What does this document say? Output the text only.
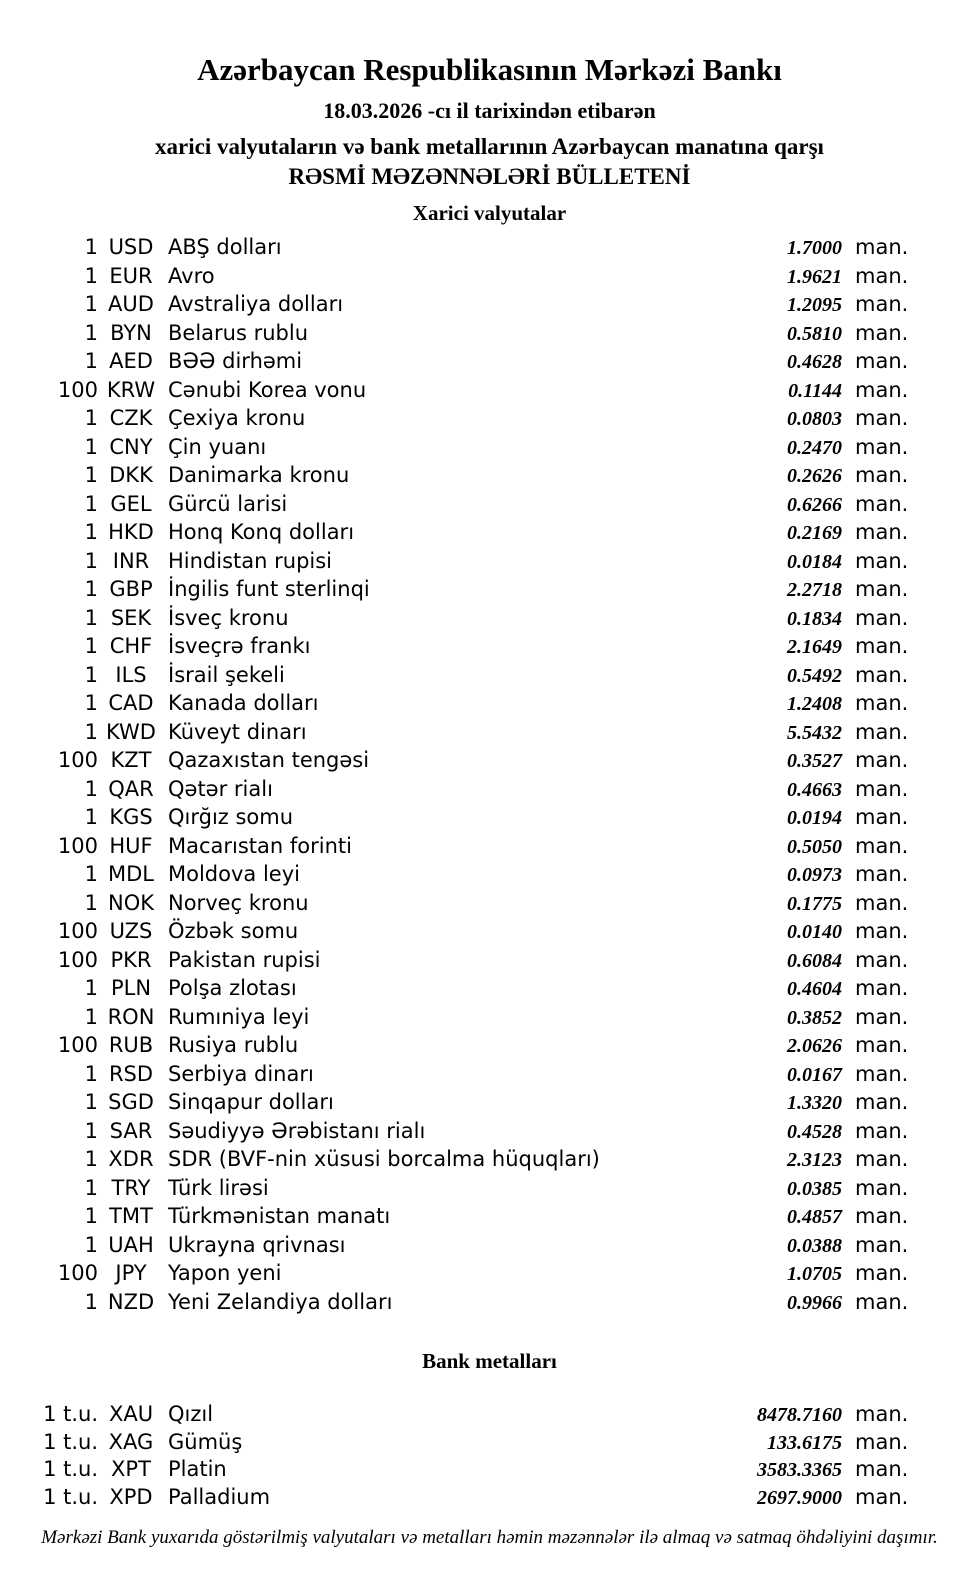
Azərbaycan Respublikasının Mərkəzi Bankı
18.03.2026 -cı il tarixindən etibarən
xarici valyutaların və bank metallarının Azərbaycan manatına qarşı
RƏSMİ MƏZƏNNƏLƏRİ BÜLLETENİ
Xarici valyutalar
1 USD ABŞ dolları	1.7000 man.
1 EUR Avro	1.9621 man.
1 AUD Avstraliya dolları	1.2095 man.
1 BYN Belarus rublu	0.5810 man.
1 AED BƏƏ dirhəmi	0.4628 man.
100 KRW Cənubi Korea vonu	0.1144 man.
1 CZK Çexiya kronu	0.0803 man.
1 CNY Çin yuanı	0.2470 man.
1 DKK Danimarka kronu	0.2626 man.
1 GEL Gürcü larisi	0.6266 man.
1 HKD Honq Konq dolları	0.2169 man.
1 INR Hindistan rupisi	0.0184 man.
1 GBP İngilis funt sterlinqi	2.2718 man.
1 SEK İsveç kronu	0.1834 man.
1 CHF İsveçrə frankı	2.1649 man.
1 ILS	İsrail şekeli	0.5492 man.
1 CAD Kanada dolları	1.2408 man.
1 KWD Küveyt dinarı	5.5432 man.
100 KZT Qazaxıstan tengəsi	0.3527 man.
1 QAR Qətər rialı	0.4663 man.
1 KGS Qırğız somu	0.0194 man.
100 HUF Macarıstan forinti	0.5050 man.
1 MDL Moldova leyi	0.0973 man.
1 NOK Norveç kronu	0.1775 man.
100 UZS Özbək somu	0.0140 man.
100 PKR Pakistan rupisi	0.6084 man.
1 PLN Polşa zlotası	0.4604 man.
1 RON Rumıniya leyi	0.3852 man.
100 RUB Rusiya rublu	2.0626 man.
1 RSD Serbiya dinarı	0.0167 man.
1 SGD Sinqapur dolları	1.3320 man.
1 SAR Səudiyyə Ərəbistanı rialı	0.4528 man.
1 XDR SDR (BVF-nin xüsusi borcalma hüquqları)	2.3123 man.
1 TRY Türk lirəsi	0.0385 man.
1 TMT Türkmənistan manatı	0.4857 man.
1 UAH Ukrayna qrivnası	0.0388 man.
100 JPY	Yapon yeni	1.0705 man.
1 NZD Yeni Zelandiya dolları	0.9966 man.
Bank metalları
1 t.u. XAU Qızıl	8478.7160 man.
1 t.u. XAG Gümüş	133.6175 man.
1 t.u. XPT Platin	3583.3365 man.
1 t.u. XPD Palladium	2697.9000 man.
Mərkəzi Bank yuxarıda göstərilmiş valyutaları və metalları həmin məzənnələr ilə almaq və satmaq öhdəliyini daşımır.
